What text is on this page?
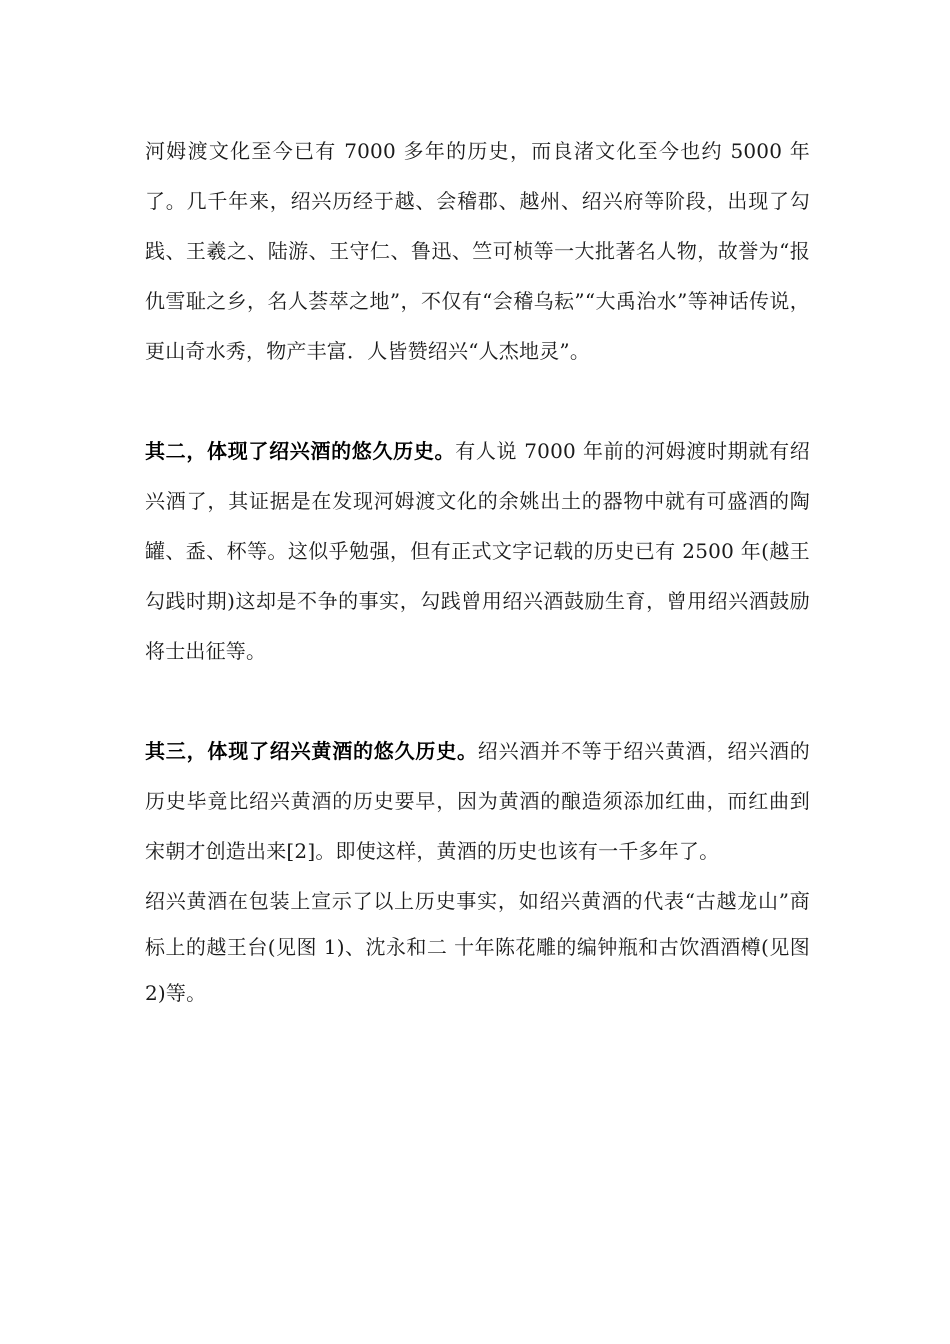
河姆渡文化至今已有 7000 多年的历史，而良渚文化至今也约 5000 年了。几千年来，绍兴历经于越、会稽郡、越州、绍兴府等阶段，出现了勾践、王羲之、陆游、王守仁、鲁迅、竺可桢等一大批著名人物，故誉为“报仇雪耻之乡，名人荟萃之地”，不仅有“会稽乌耘”“大禹治水”等神话传说，更山奇水秀，物产丰富．人皆赞绍兴“人杰地灵”。

其二，体现了绍兴酒的悠久历史。有人说 7000 年前的河姆渡时期就有绍兴酒了，其证据是在发现河姆渡文化的余姚出土的器物中就有可盛酒的陶罐、盉、杯等。这似乎勉强，但有正式文字记载的历史已有 2500 年(越王勾践时期)这却是不争的事实，勾践曾用绍兴酒鼓励生育，曾用绍兴酒鼓励将士出征等。

其三，体现了绍兴黄酒的悠久历史。绍兴酒并不等于绍兴黄酒，绍兴酒的历史毕竟比绍兴黄酒的历史要早，因为黄酒的酿造须添加红曲，而红曲到宋朝才创造出来[2]。即使这样，黄酒的历史也该有一千多年了。

绍兴黄酒在包装上宣示了以上历史事实，如绍兴黄酒的代表“古越龙山”商标上的越王台(见图 1)、沈永和二 十年陈花雕的编钟瓶和古饮酒酒樽(见图 2)等。
